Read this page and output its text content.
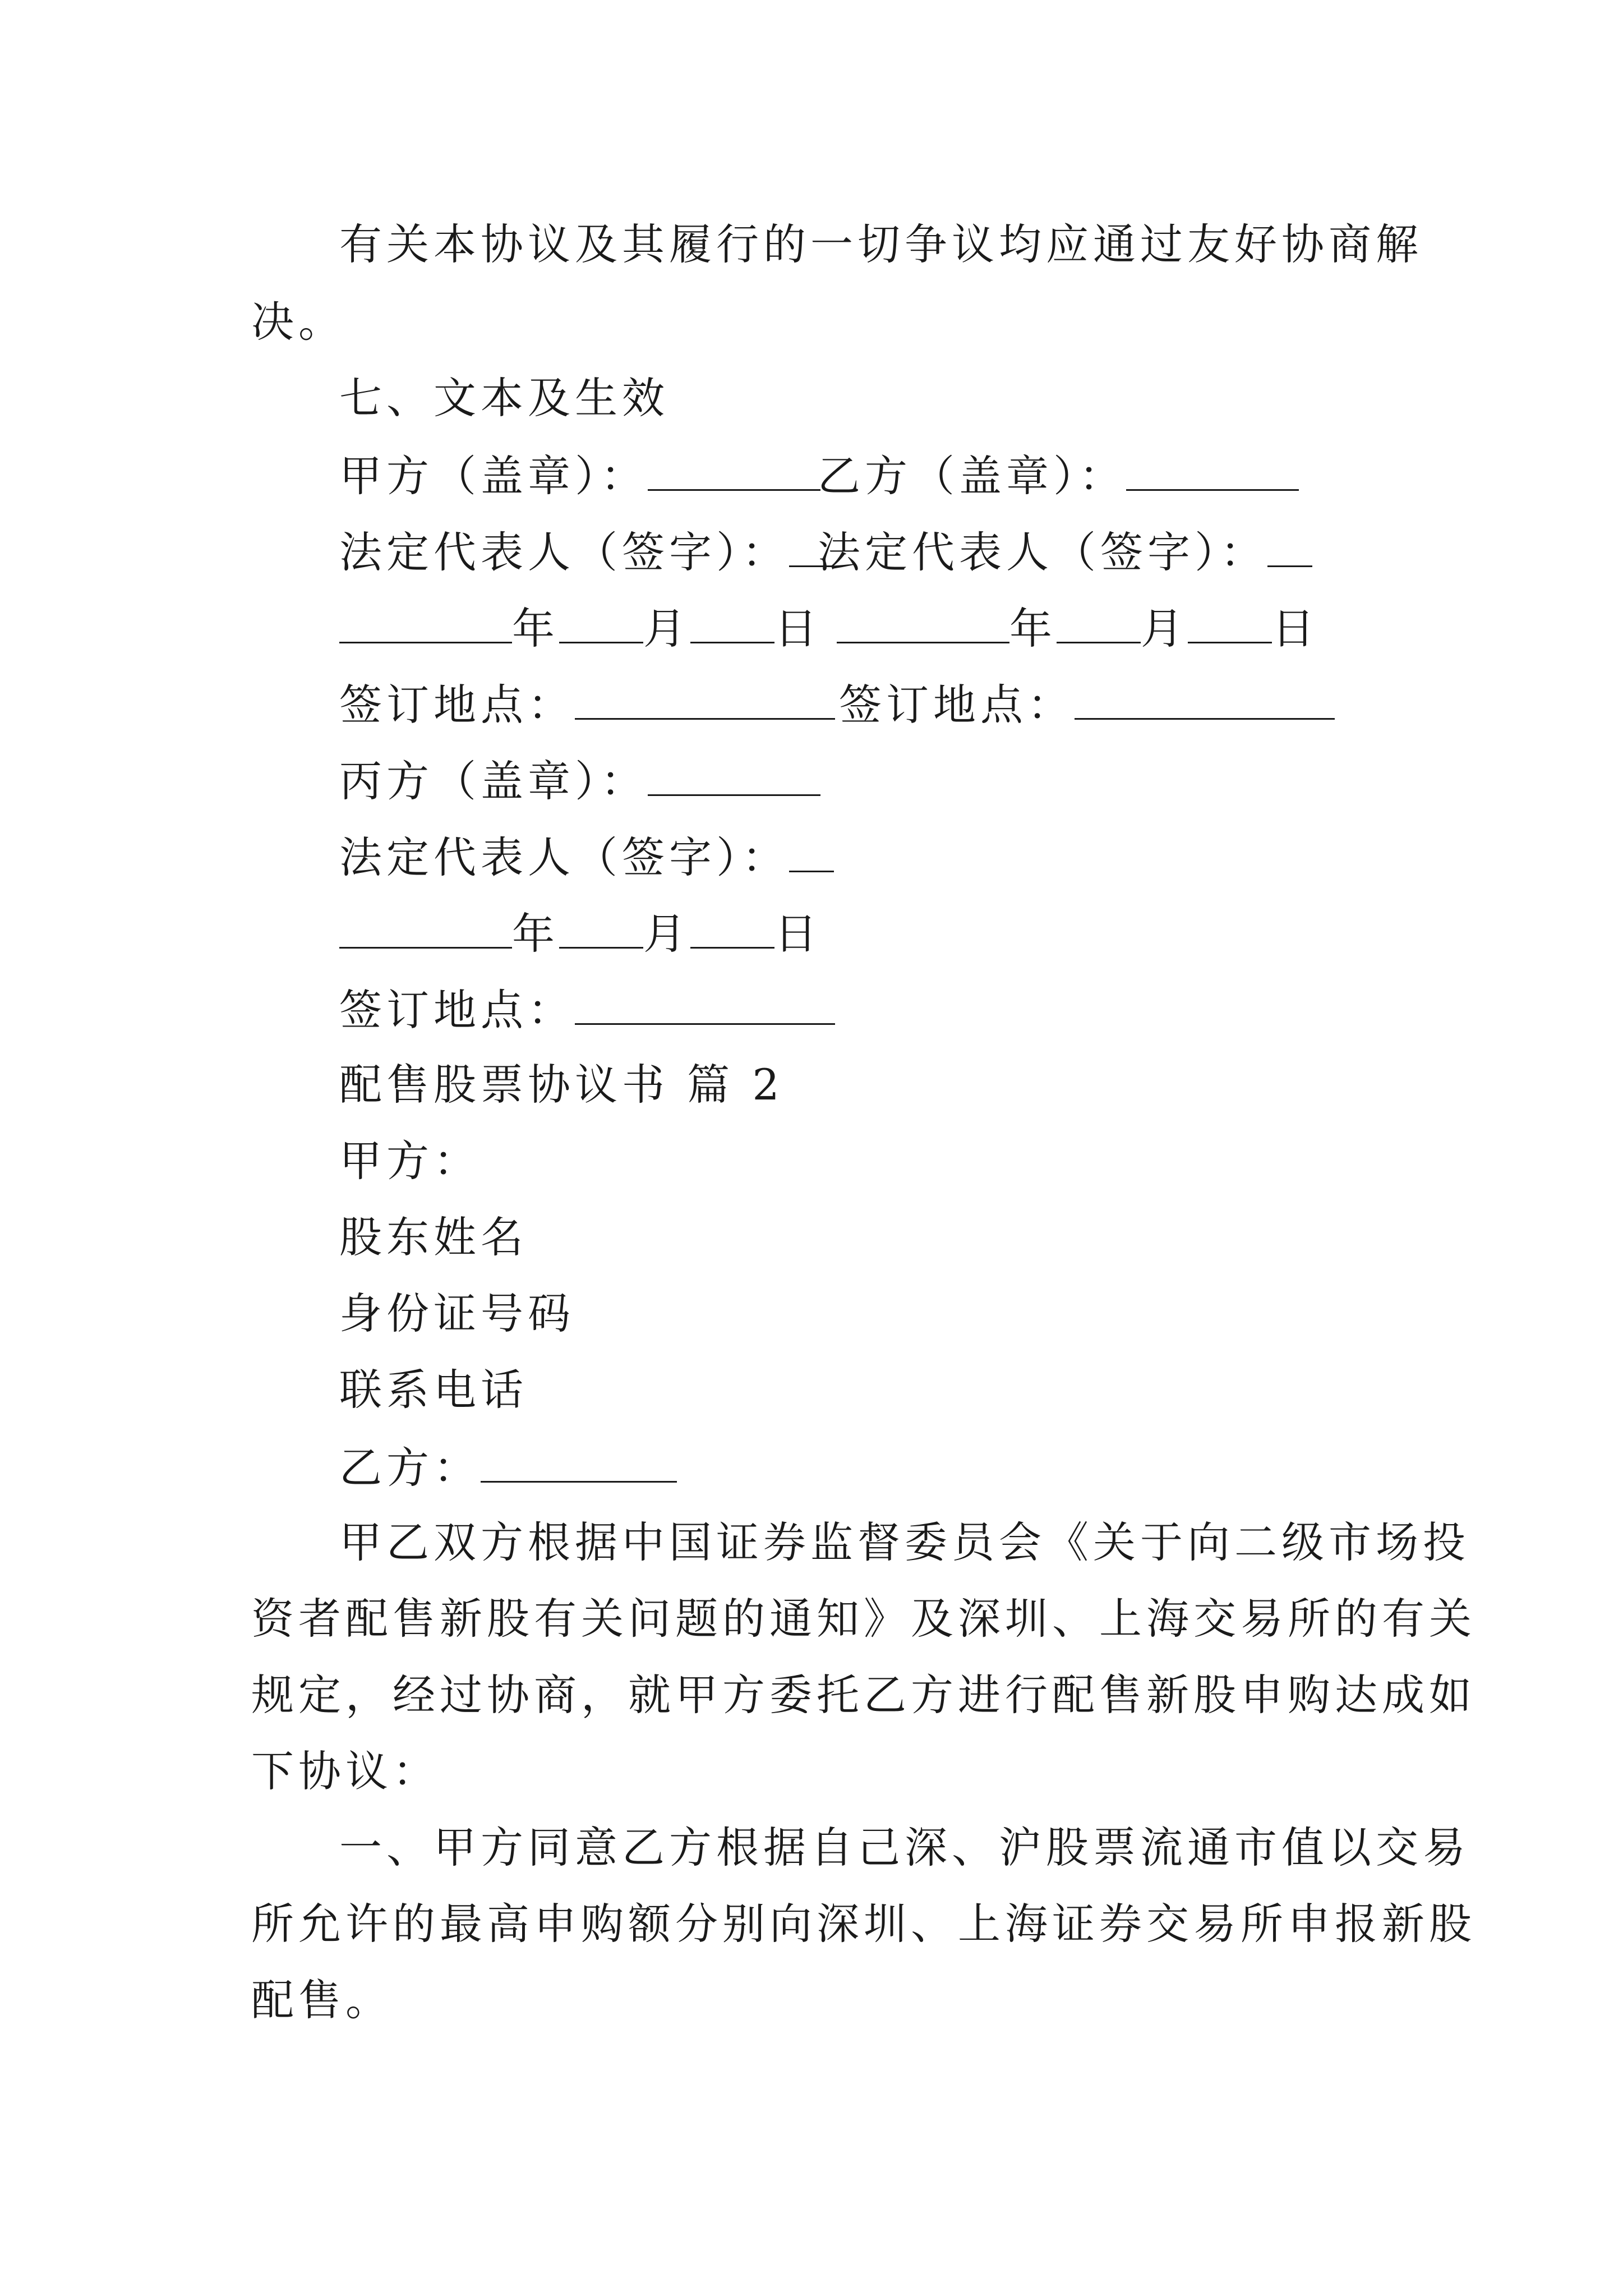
有关本协议及其履行的一切争议均应通过友好协商解
决。
七、文本及生效
甲方（盖章）：	乙方（盖章）：
法定代表人（签字）： 法定代表人（签字）：
年 月 日	年 月 日
签订地点：	签订地点：
丙方（盖章）：
法定代表人（签字）：
年 月 日
签订地点：
配售股票协议书 篇 2
甲方：
股东姓名
身份证号码
联系电话
乙方：
甲乙双方根据中国证券监督委员会《关于向二级市场投
资者配售新股有关问题的通知》及深圳、上海交易所的有关
规定，经过协商，就甲方委托乙方进行配售新股申购达成如
下协议：
一、甲方同意乙方根据自己深、沪股票流通市值以交易
所允许的最高申购额分别向深圳、上海证券交易所申报新股
配售。
